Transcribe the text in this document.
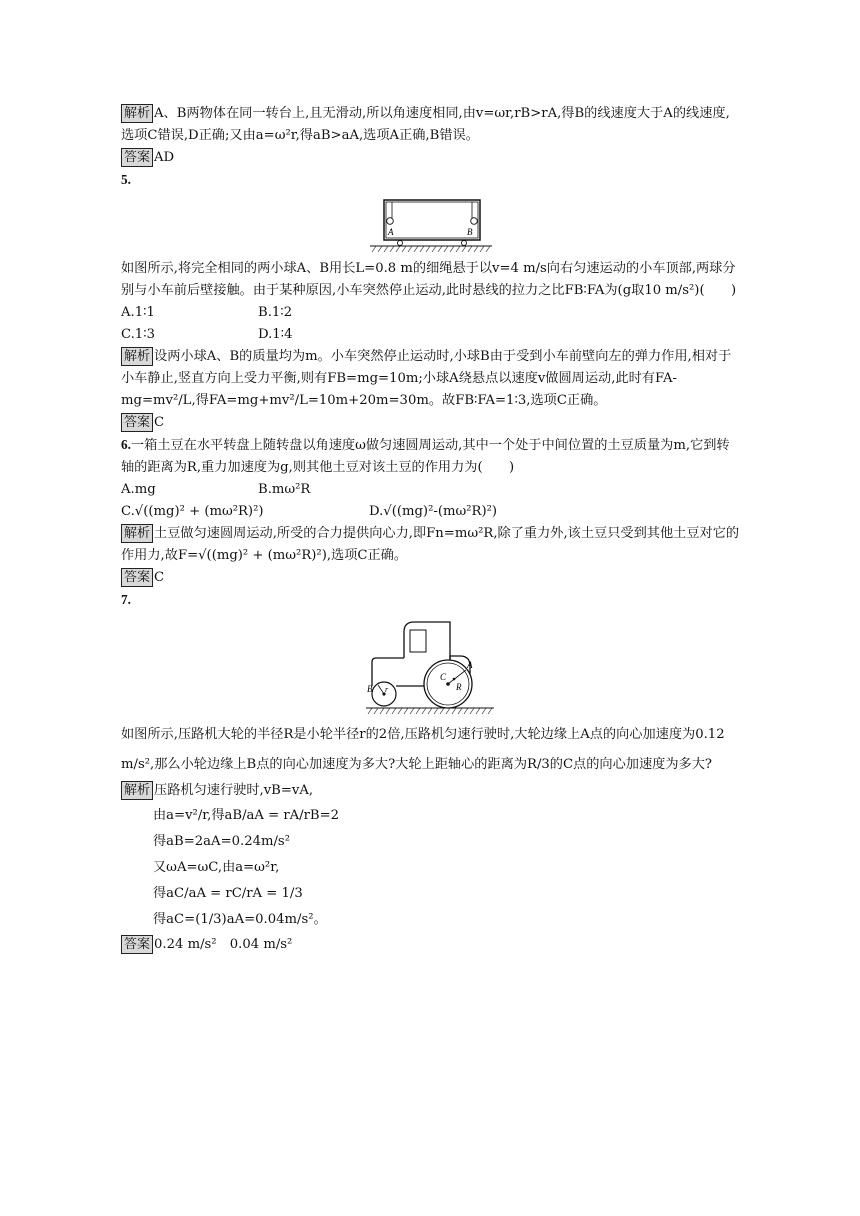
解析 A、B两物体在同一转台上,且无滑动,所以角速度相同,由v=ωr,rB>rA,得B的线速度大于A的线速度,选项C错误,D正确;又由a=ω²r,得aB>aA,选项A正确,B错误。

答案 AD

5.

A	B

如图所示,将完全相同的两小球A、B用长L=0.8 m的细绳悬于以v=4 m/s向右匀速运动的小车顶部,两球分别与小车前后壁接触。由于某种原因,小车突然停止运动,此时悬线的拉力之比FB∶FA为(g取10 m/s²)(　　)

A.1∶1	B.1∶2
C.1∶3	D.1∶4

解析 设两小球A、B的质量均为m。小车突然停止运动时,小球B由于受到小车前壁向左的弹力作用,相对于小车静止,竖直方向上受力平衡,则有FB=mg=10m;小球A绕悬点以速度v做圆周运动,此时有FA-mg=mv²/L,得FA=mg+mv²/L=10m+20m=30m。故FB∶FA=1∶3,选项C正确。

答案 C

6.一箱土豆在水平转盘上随转盘以角速度ω做匀速圆周运动,其中一个处于中间位置的土豆质量为m,它到转轴的距离为R,重力加速度为g,则其他土豆对该土豆的作用力为(　　)

A.mg	B.mω²R
C.√((mg)² + (mω²R)²)	D.√((mg)²-(mω²R)²)

解析 土豆做匀速圆周运动,所受的合力提供向心力,即Fn=mω²R,除了重力外,该土豆只受到其他土豆对它的作用力,故F=√((mg)² + (mω²R)²),选项C正确。

答案 C

7.

B r
C
A
R

如图所示,压路机大轮的半径R是小轮半径r的2倍,压路机匀速行驶时,大轮边缘上A点的向心加速度为0.12 m/s²,那么小轮边缘上B点的向心加速度为多大?大轮上距轴心的距离为R/3的C点的向心加速度为多大?

解析 压路机匀速行驶时,vB=vA,

由a=v²/r,得aB/aA = rA/rB=2

得aB=2aA=0.24m/s²

又ωA=ωC,由a=ω²r,

得aC/aA = rC/rA = 1/3

得aC=(1/3)aA=0.04m/s²。

答案 0.24 m/s²　0.04 m/s²
